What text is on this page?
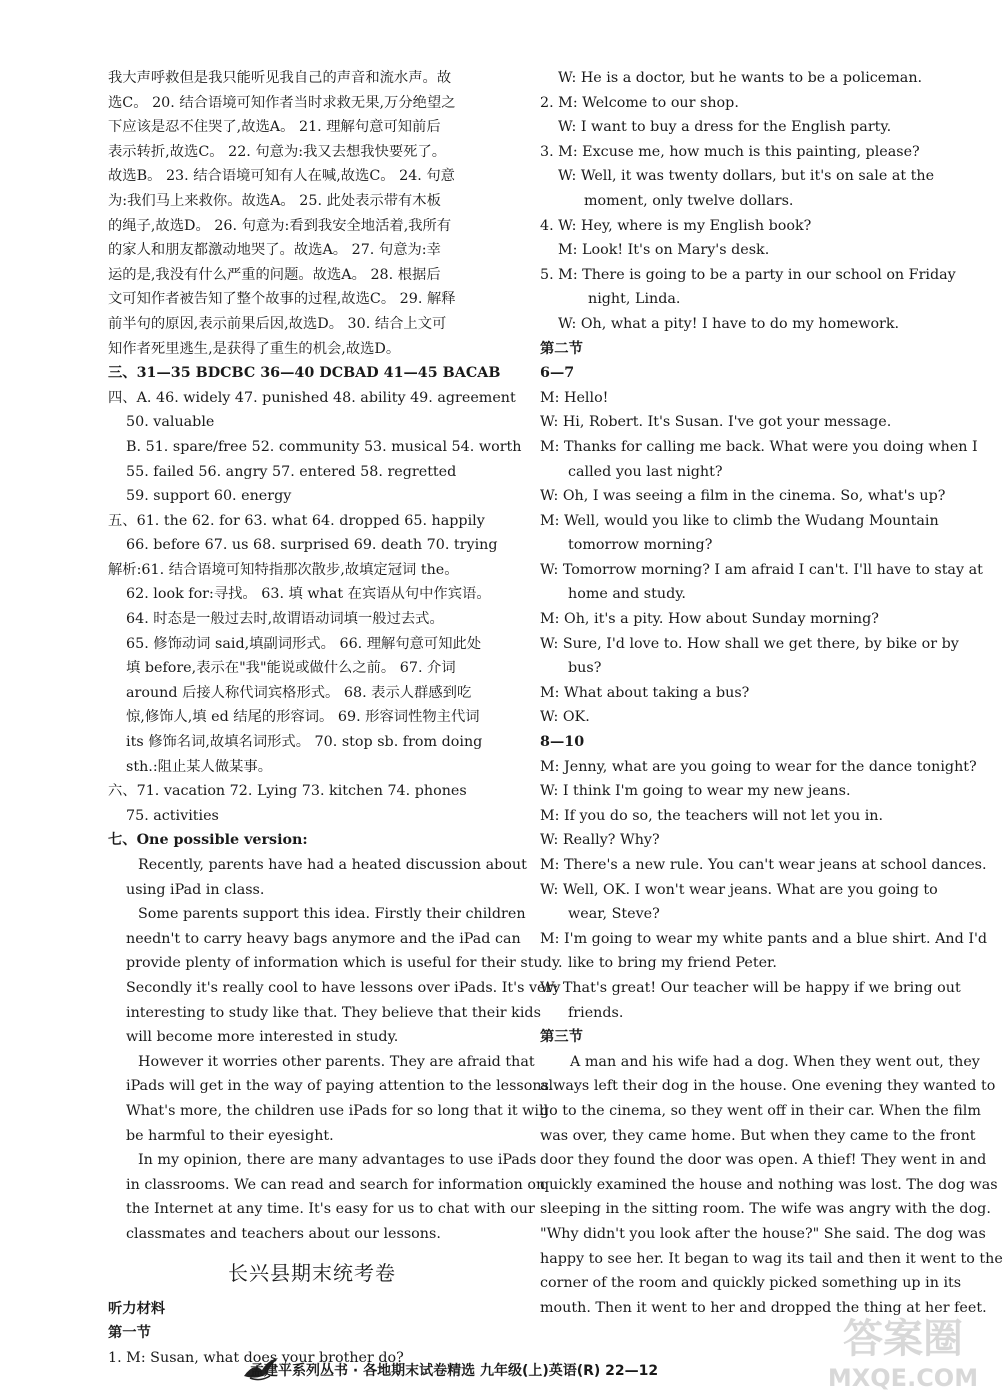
我大声呼救但是我只能听见我自己的声音和流水声。故
选C。 20. 结合语境可知作者当时求救无果,万分绝望之
下应该是忍不住哭了,故选A。 21. 理解句意可知前后
表示转折,故选C。 22. 句意为:我又去想我快要死了。
故选B。 23. 结合语境可知有人在喊,故选C。 24. 句意
为:我们马上来救你。故选A。 25. 此处表示带有木板
的绳子,故选D。 26. 句意为:看到我安全地活着,我所有
的家人和朋友都激动地哭了。故选A。 27. 句意为:幸
运的是,我没有什么严重的问题。故选A。 28. 根据后
文可知作者被告知了整个故事的过程,故选C。 29. 解释
前半句的原因,表示前果后因,故选D。 30. 结合上文可
知作者死里逃生,是获得了重生的机会,故选D。
三、31—35 BDCBC 36—40 DCBAD 41—45 BACAB
四、A. 46. widely 47. punished 48. ability 49. agreement
50. valuable
B. 51. spare/free 52. community 53. musical 54. worth
55. failed 56. angry 57. entered 58. regretted
59. support 60. energy
五、61. the 62. for 63. what 64. dropped 65. happily
66. before 67. us 68. surprised 69. death 70. trying
解析:61. 结合语境可知特指那次散步,故填定冠词 the。
62. look for:寻找。 63. 填 what 在宾语从句中作宾语。
64. 时态是一般过去时,故谓语动词填一般过去式。
65. 修饰动词 said,填副词形式。 66. 理解句意可知此处
填 before,表示在"我"能说或做什么之前。 67. 介词
around 后接人称代词宾格形式。 68. 表示人群感到吃
惊,修饰人,填 ed 结尾的形容词。 69. 形容词性物主代词
its 修饰名词,故填名词形式。 70. stop sb. from doing
sth.:阻止某人做某事。
六、71. vacation 72. Lying 73. kitchen 74. phones
75. activities
七、One possible version:
Recently, parents have had a heated discussion about
using iPad in class.
Some parents support this idea. Firstly their children
needn't to carry heavy bags anymore and the iPad can
provide plenty of information which is useful for their study.
Secondly it's really cool to have lessons over iPads. It's very
interesting to study like that. They believe that their kids
will become more interested in study.
However it worries other parents. They are afraid that
iPads will get in the way of paying attention to the lessons.
What's more, the children use iPads for so long that it will
be harmful to their eyesight.
In my opinion, there are many advantages to use iPads
in classrooms. We can read and search for information on
the Internet at any time. It's easy for us to chat with our
classmates and teachers about our lessons.
长兴县期末统考卷
听力材料
第一节
1. M: Susan, what does your brother do?
W: He is a doctor, but he wants to be a policeman.
2. M: Welcome to our shop.
W: I want to buy a dress for the English party.
3. M: Excuse me, how much is this painting, please?
W: Well, it was twenty dollars, but it's on sale at the
moment, only twelve dollars.
4. W: Hey, where is my English book?
M: Look! It's on Mary's desk.
5. M: There is going to be a party in our school on Friday
night, Linda.
W: Oh, what a pity! I have to do my homework.
第二节
6—7
M: Hello!
W: Hi, Robert. It's Susan. I've got your message.
M: Thanks for calling me back. What were you doing when I
called you last night?
W: Oh, I was seeing a film in the cinema. So, what's up?
M: Well, would you like to climb the Wudang Mountain
tomorrow morning?
W: Tomorrow morning? I am afraid I can't. I'll have to stay at
home and study.
M: Oh, it's a pity. How about Sunday morning?
W: Sure, I'd love to. How shall we get there, by bike or by
bus?
M: What about taking a bus?
W: OK.
8—10
M: Jenny, what are you going to wear for the dance tonight?
W: I think I'm going to wear my new jeans.
M: If you do so, the teachers will not let you in.
W: Really? Why?
M: There's a new rule. You can't wear jeans at school dances.
W: Well, OK. I won't wear jeans. What are you going to
wear, Steve?
M: I'm going to wear my white pants and a blue shirt. And I'd
like to bring my friend Peter.
W: That's great! Our teacher will be happy if we bring out
friends.
第三节
A man and his wife had a dog. When they went out, they
always left their dog in the house. One evening they wanted to
go to the cinema, so they went off in their car. When the film
was over, they came home. But when they came to the front
door they found the door was open. A thief! They went in and
quickly examined the house and nothing was lost. The dog was
sleeping in the sitting room. The wife was angry with the dog.
"Why didn't you look after the house?" She said. The dog was
happy to see her. It began to wag its tail and then it went to the
corner of the room and quickly picked something up in its
mouth. Then it went to her and dropped the thing at her feet.
孟建平系列丛书 · 各地期末试卷精选 九年级(上)英语(R) 22—12
答案圈
MXQE.COM
